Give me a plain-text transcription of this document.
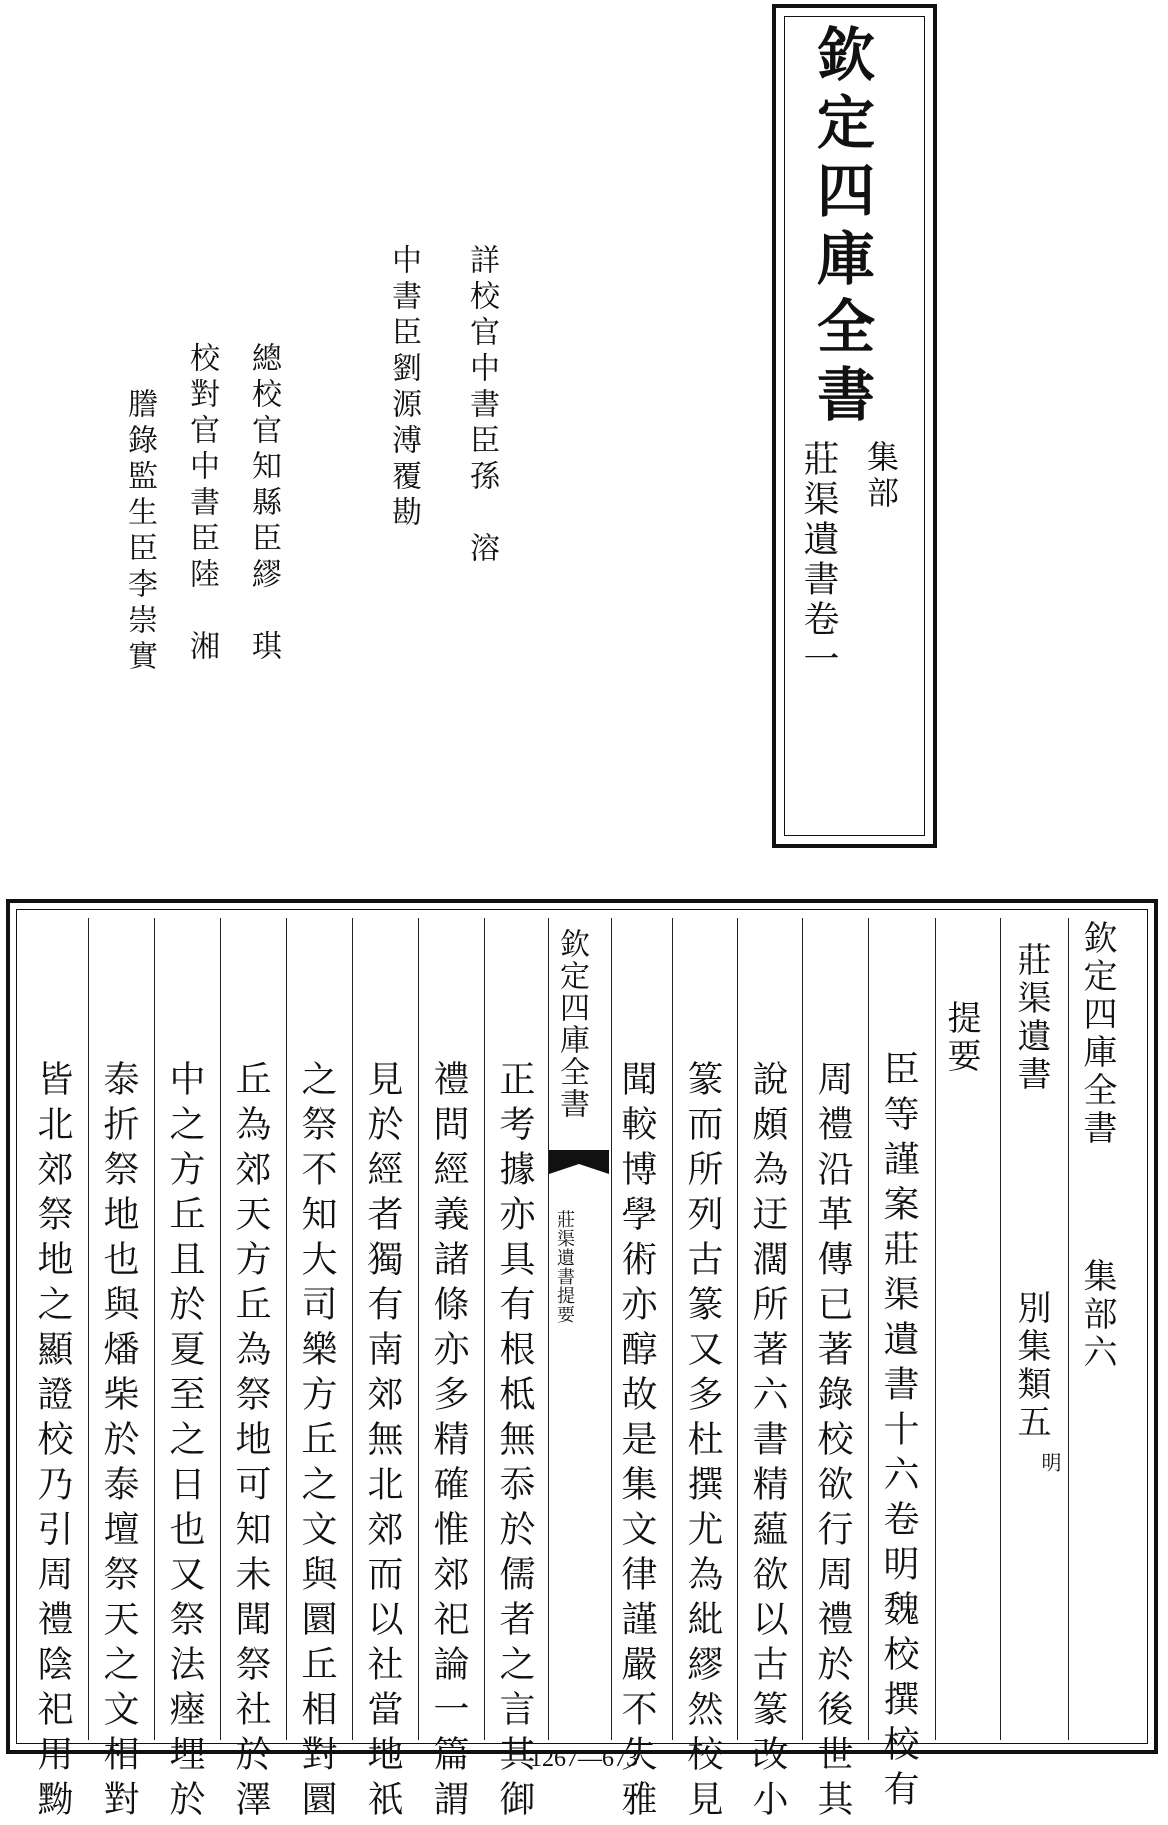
欽定四庫全書
集部
莊渠遺書卷一
詳校官中書臣孫　溶
中書臣劉源溥覆勘
總校官知縣臣繆　琪
校對官中書臣陸　湘
謄錄監生臣李崇實
欽定四庫全書
集部六
莊渠遺書
別集類五
明
提要
臣等謹案莊渠遺書十六卷明魏校撰校有
周禮沿革傳已著錄校欲行周禮於後世其
說頗為迂濶所著六書精藴欲以古篆改小
篆而所列古篆又多杜撰尤為紕繆然校見
聞較博學術亦醇故是集文律謹嚴不失雅
正考據亦具有根柢無忝於儒者之言其御
禮問經義諸條亦多精確惟郊祀論一篇謂
見於經者獨有南郊無北郊而以社當地祇
之祭不知大司樂方丘之文與圜丘相對圜
丘為郊天方丘為祭地可知未聞祭社於澤
中之方丘且於夏至之日也又祭法瘞埋於
泰折祭地也與燔柴於泰壇祭天之文相對
皆北郊祭地之顯證校乃引周禮陰祀用黝
欽定四庫全書
莊渠遺書提要
1267—673
